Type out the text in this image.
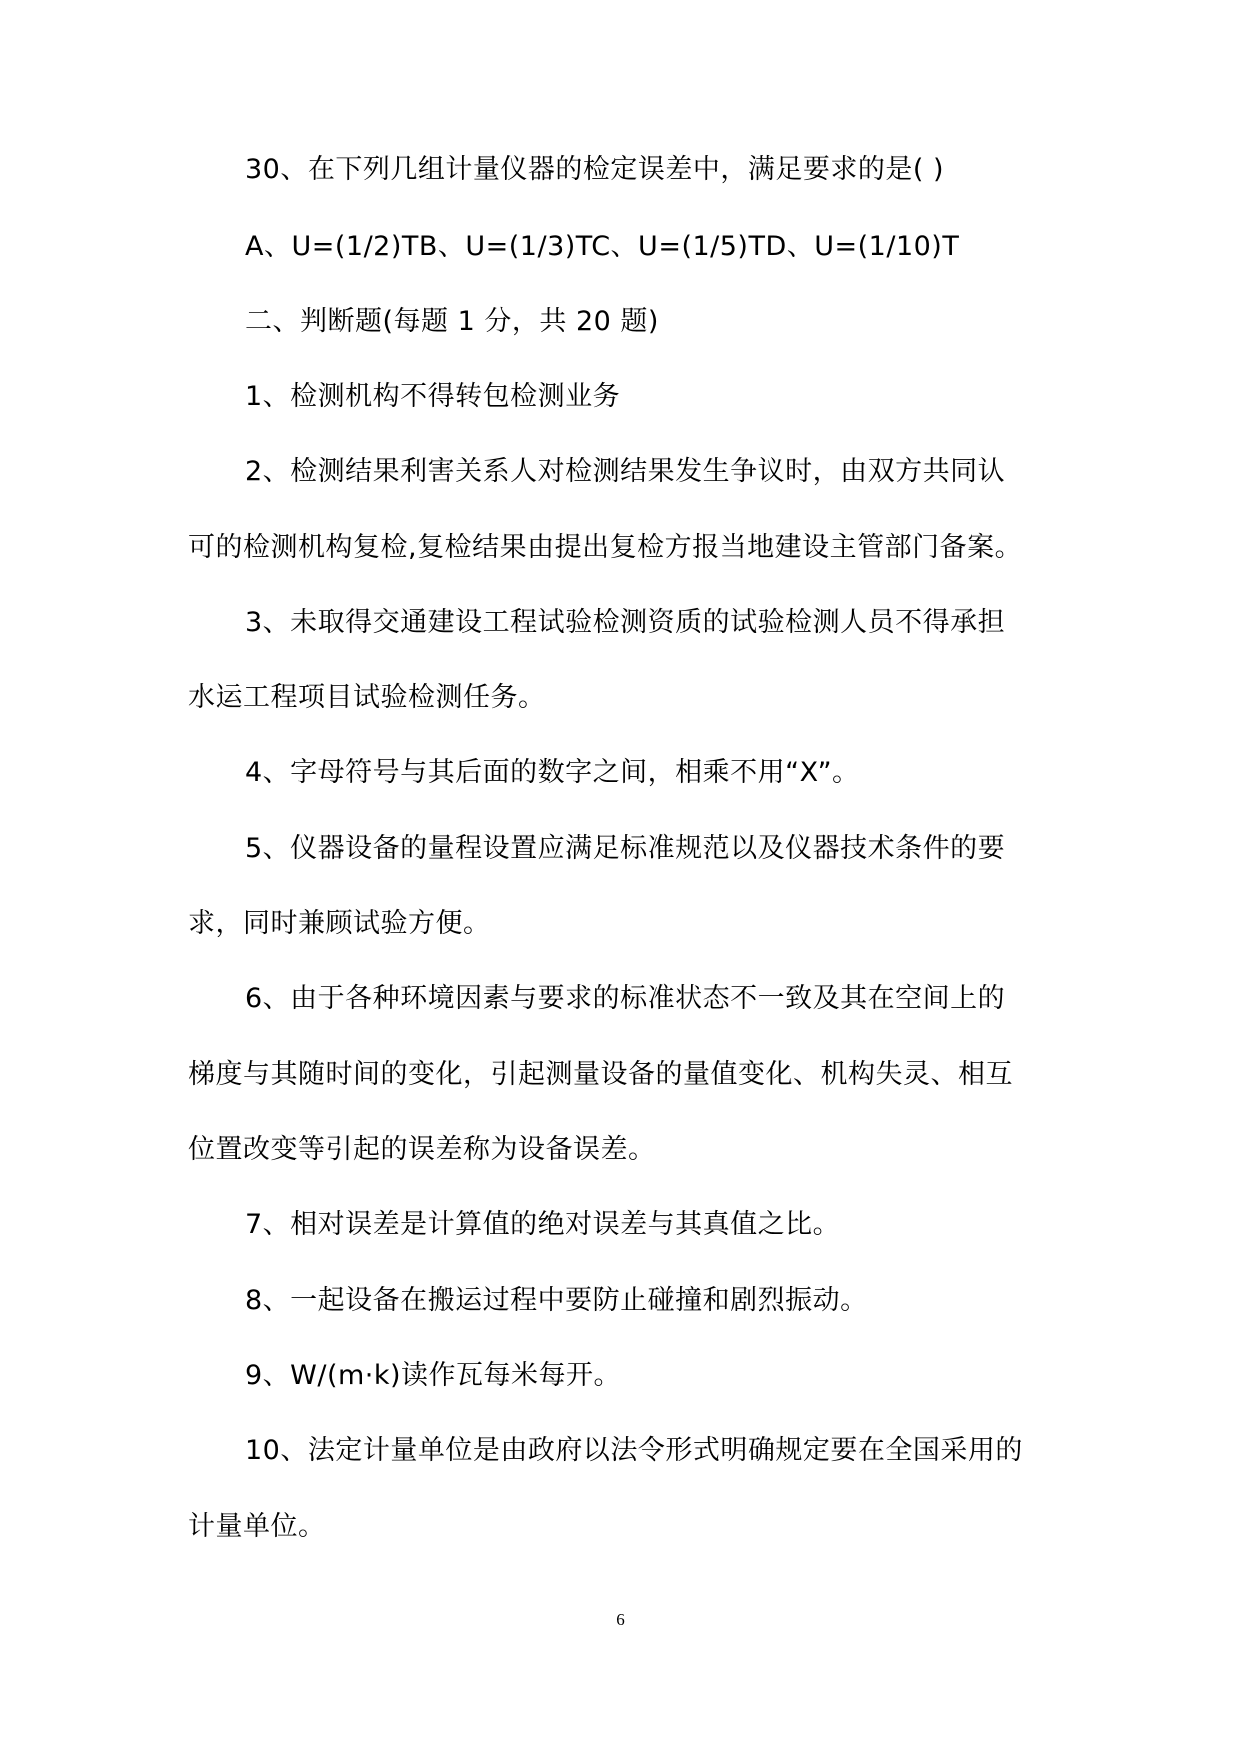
30、在下列几组计量仪器的检定误差中，满足要求的是( )
A、U=(1/2)TB、U=(1/3)TC、U=(1/5)TD、U=(1/10)T
二、判断题(每题 1 分，共 20 题)
1、检测机构不得转包检测业务
2、检测结果利害关系人对检测结果发生争议时，由双方共同认
可的检测机构复检,复检结果由提出复检方报当地建设主管部门备案。
3、未取得交通建设工程试验检测资质的试验检测人员不得承担
水运工程项目试验检测任务。
4、字母符号与其后面的数字之间，相乘不用“X”。
5、仪器设备的量程设置应满足标准规范以及仪器技术条件的要
求，同时兼顾试验方便。
6、由于各种环境因素与要求的标准状态不一致及其在空间上的
梯度与其随时间的变化，引起测量设备的量值变化、机构失灵、相互
位置改变等引起的误差称为设备误差。
7、相对误差是计算值的绝对误差与其真值之比。
8、一起设备在搬运过程中要防止碰撞和剧烈振动。
9、W/(m·k)读作瓦每米每开。
10、法定计量单位是由政府以法令形式明确规定要在全国采用的
计量单位。
6
